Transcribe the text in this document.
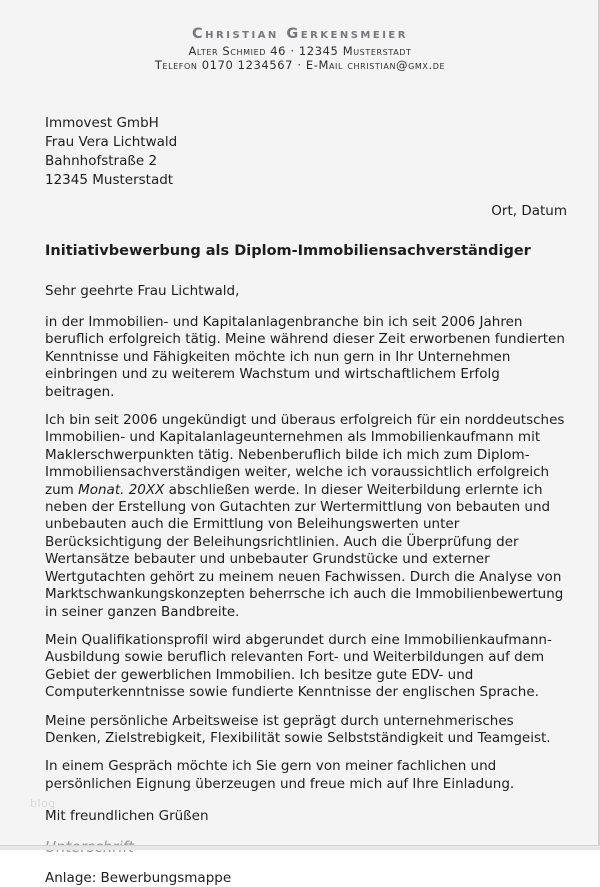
Christian Gerkensmeier
Alter Schmied 46 · 12345 Musterstadt
Telefon 0170 1234567 · E-Mail christian@gmx.de
Immovest GmbH
Frau Vera Lichtwald
Bahnhofstraße 2
12345 Musterstadt
Ort, Datum
Initiativbewerbung als Diplom-Immobiliensachverständiger
Sehr geehrte Frau Lichtwald,

in der Immobilien- und Kapitalanlagenbranche bin ich seit 2006 Jahren beruflich erfolgreich tätig. Meine während dieser Zeit erworbenen fundierten Kenntnisse und Fähigkeiten möchte ich nun gern in Ihr Unternehmen einbringen und zu weiterem Wachstum und wirtschaftlichem Erfolg beitragen.

Ich bin seit 2006 ungekündigt und überaus erfolgreich für ein norddeutsches Immobilien- und Kapitalanlageunternehmen als Immobilienkaufmann mit Maklerschwerpunkten tätig. Nebenberuflich bilde ich mich zum Diplom-Immobiliensachverständigen weiter, welche ich voraussichtlich erfolgreich zum Monat. 20XX abschließen werde. In dieser Weiterbildung erlernte ich neben der Erstellung von Gutachten zur Wertermittlung von bebauten und unbebauten auch die Ermittlung von Beleihungswerten unter Berücksichtigung der Beleihungsrichtlinien. Auch die Überprüfung der Wertansätze bebauter und unbebauter Grundstücke und externer Wertgutachten gehört zu meinem neuen Fachwissen. Durch die Analyse von Marktschwankungskonzepten beherrsche ich auch die Immobilienbewertung in seiner ganzen Bandbreite.

Mein Qualifikationsprofil wird abgerundet durch eine Immobilienkaufmann-Ausbildung sowie beruflich relevanten Fort- und Weiterbildungen auf dem Gebiet der gewerblichen Immobilien. Ich besitze gute EDV- und Computerkenntnisse sowie fundierte Kenntnisse der englischen Sprache.

Meine persönliche Arbeitsweise ist geprägt durch unternehmerisches Denken, Zielstrebigkeit, Flexibilität sowie Selbstständigkeit und Teamgeist.

In einem Gespräch möchte ich Sie gern von meiner fachlichen und persönlichen Eignung überzeugen und freue mich auf Ihre Einladung.

Mit freundlichen Grüßen
Anlage: Bewerbungsmappe
blog
